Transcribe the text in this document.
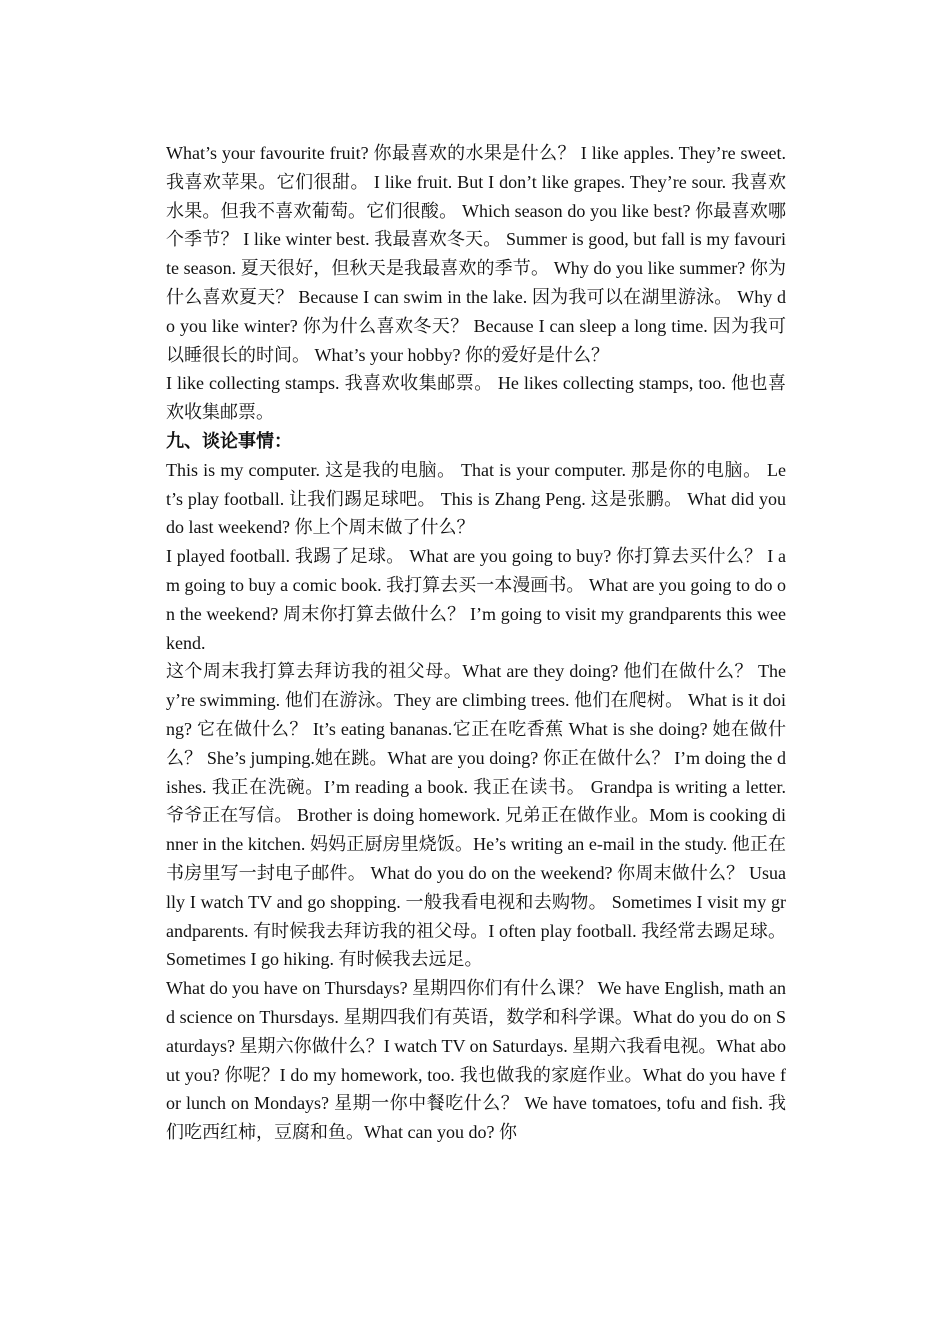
What’s your favourite fruit? 你最喜欢的水果是什么？ I like apples. They’re sweet. 我喜欢苹果。它们很甜。 I like fruit. But I don’t like grapes. They’re sour. 我喜欢水果。但我不喜欢葡萄。它们很酸。 Which season do you like best? 你最喜欢哪个季节？ I like winter best. 我最喜欢冬天。 Summer is good, but fall is my favourite season. 夏天很好，但秋天是我最喜欢的季节。 Why do you like summer? 你为什么喜欢夏天？ Because I can swim in the lake. 因为我可以在湖里游泳。 Why do you like winter? 你为什么喜欢冬天？ Because I can sleep a long time. 因为我可以睡很长的时间。 What’s your hobby? 你的爱好是什么？

I like collecting stamps. 我喜欢收集邮票。 He likes collecting stamps, too. 他也喜欢收集邮票。

九、谈论事情：

This is my computer. 这是我的电脑。 That is your computer. 那是你的电脑。 Let’s play football. 让我们踢足球吧。 This is Zhang Peng. 这是张鹏。 What did you do last weekend? 你上个周末做了什么？

I played football. 我踢了足球。 What are you going to buy? 你打算去买什么？ I am going to buy a comic book. 我打算去买一本漫画书。 What are you going to do on the weekend? 周末你打算去做什么？ I’m going to visit my grandparents this weekend.

这个周末我打算去拜访我的祖父母。What are they doing? 他们在做什么？ They’re swimming. 他们在游泳。They are climbing trees. 他们在爬树。 What is it doing? 它在做什么？ It’s eating bananas.它正在吃香蕉 What is she doing? 她在做什么？ She’s jumping.她在跳。What are you doing? 你正在做什么？ I’m doing the dishes. 我正在洗碗。I’m reading a book. 我正在读书。 Grandpa is writing a letter. 爷爷正在写信。 Brother is doing homework. 兄弟正在做作业。Mom is cooking dinner in the kitchen. 妈妈正厨房里烧饭。He’s writing an e-mail in the study. 他正在书房里写一封电子邮件。 What do you do on the weekend? 你周末做什么？ Usually I watch TV and go shopping. 一般我看电视和去购物。 Sometimes I visit my grandparents. 有时候我去拜访我的祖父母。I often play football. 我经常去踢足球。Sometimes I go hiking. 有时候我去远足。

What do you have on Thursdays? 星期四你们有什么课？ We have English, math and science on Thursdays. 星期四我们有英语，数学和科学课。What do you do on Saturdays? 星期六你做什么？I watch TV on Saturdays. 星期六我看电视。What about you? 你呢？I do my homework, too. 我也做我的家庭作业。What do you have for lunch on Mondays? 星期一你中餐吃什么？ We have tomatoes, tofu and fish. 我们吃西红柿，豆腐和鱼。What can you do? 你
